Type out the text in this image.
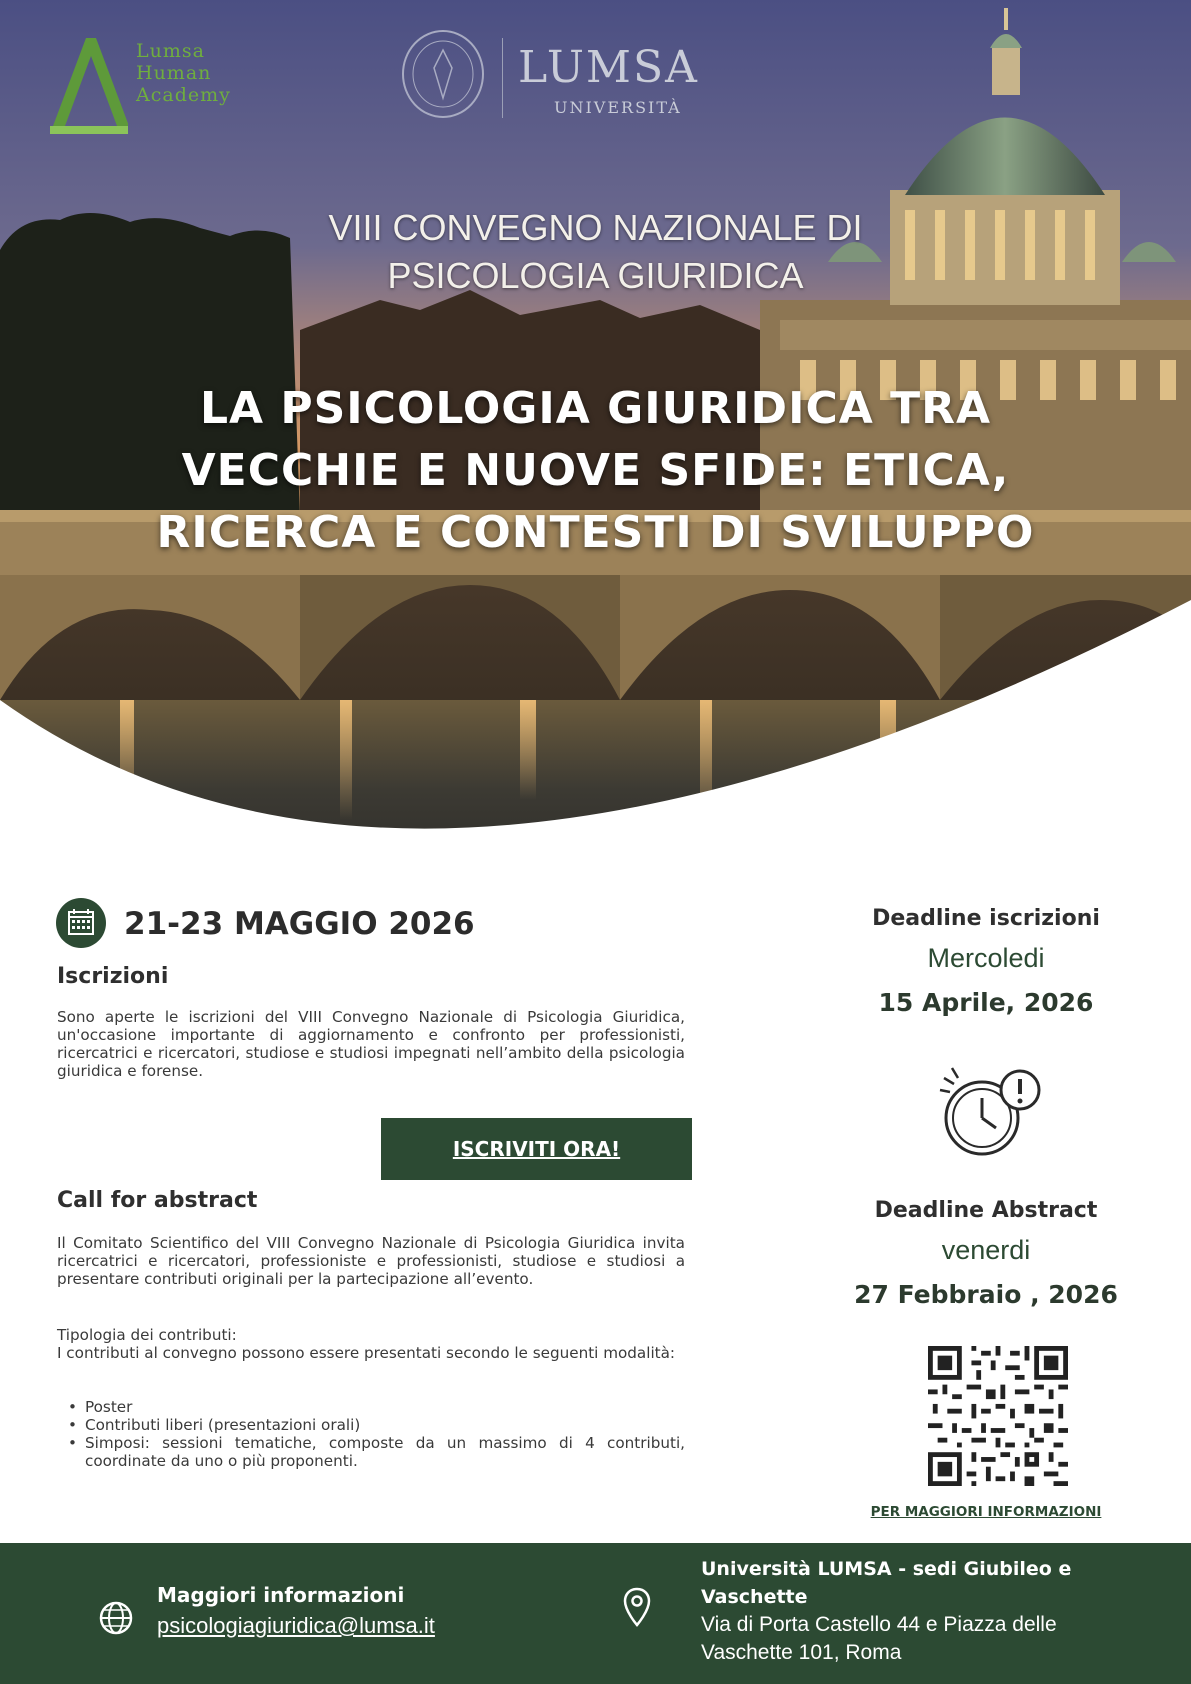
Lumsa
Human
Academy
LUMSA
UNIVERSITÀ
VIII CONVEGNO NAZIONALE DI
PSICOLOGIA GIURIDICA
LA PSICOLOGIA GIURIDICA TRA
VECCHIE E NUOVE SFIDE: ETICA,
RICERCA E CONTESTI DI SVILUPPO
21-23 MAGGIO 2026
Iscrizioni
Sono aperte le iscrizioni del VIII Convegno Nazionale di Psicologia Giuridica, un'occasione importante di aggiornamento e confronto per professionisti, ricercatrici e ricercatori, studiose e studiosi impegnati nell’ambito della psicologia giuridica e forense.
ISCRIVITI ORA!
Call for abstract
Il Comitato Scientifico del VIII Convegno Nazionale di Psicologia Giuridica invita ricercatrici e ricercatori, professioniste e professionisti, studiose e studiosi a presentare contributi originali per la partecipazione all’evento.
Tipologia dei contributi:
I contributi al convegno possono essere presentati secondo le seguenti modalità:
• Poster
• Contributi liberi (presentazioni orali)
• Simposi: sessioni tematiche, composte da un massimo di 4 contributi, coordinate da uno o più proponenti.
Deadline iscrizioni
Mercoledi
15 Aprile, 2026
Deadline Abstract
venerdi
27 Febbraio , 2026
PER MAGGIORI INFORMAZIONI
Maggiori informazioni
psicologiagiuridica@lumsa.it
Università LUMSA - sedi Giubileo e Vaschette
Via di Porta Castello 44 e Piazza delle Vaschette 101, Roma
